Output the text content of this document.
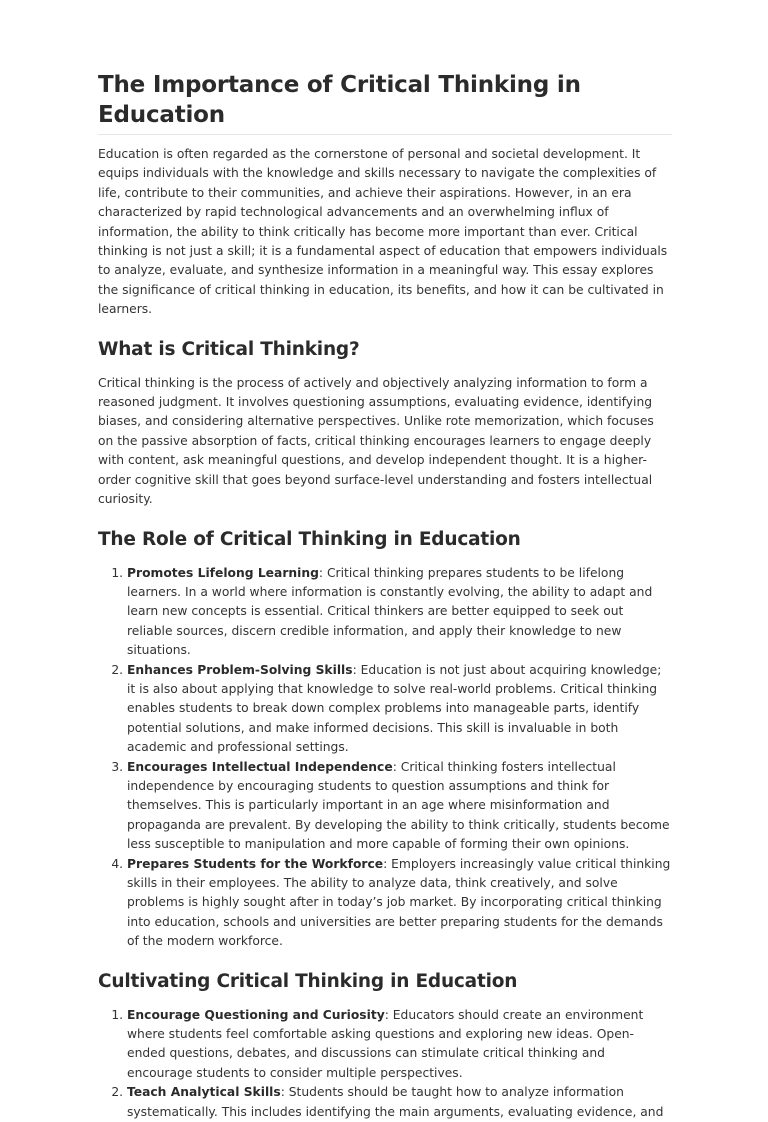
The Importance of Critical Thinking in Education

Education is often regarded as the cornerstone of personal and societal development. It equips individuals with the knowledge and skills necessary to navigate the complexities of life, contribute to their communities, and achieve their aspirations. However, in an era characterized by rapid technological advancements and an overwhelming influx of information, the ability to think critically has become more important than ever. Critical thinking is not just a skill; it is a fundamental aspect of education that empowers individuals to analyze, evaluate, and synthesize information in a meaningful way. This essay explores the significance of critical thinking in education, its benefits, and how it can be cultivated in learners.

What is Critical Thinking?

Critical thinking is the process of actively and objectively analyzing information to form a reasoned judgment. It involves questioning assumptions, evaluating evidence, identifying biases, and considering alternative perspectives. Unlike rote memorization, which focuses on the passive absorption of facts, critical thinking encourages learners to engage deeply with content, ask meaningful questions, and develop independent thought. It is a higher-order cognitive skill that goes beyond surface-level understanding and fosters intellectual curiosity.

The Role of Critical Thinking in Education
1. Promotes Lifelong Learning: Critical thinking prepares students to be lifelong learners. In a world where information is constantly evolving, the ability to adapt and learn new concepts is essential. Critical thinkers are better equipped to seek out reliable sources, discern credible information, and apply their knowledge to new situations.
2. Enhances Problem-Solving Skills: Education is not just about acquiring knowledge; it is also about applying that knowledge to solve real-world problems. Critical thinking enables students to break down complex problems into manageable parts, identify potential solutions, and make informed decisions. This skill is invaluable in both academic and professional settings.
3. Encourages Intellectual Independence: Critical thinking fosters intellectual independence by encouraging students to question assumptions and think for themselves. This is particularly important in an age where misinformation and propaganda are prevalent. By developing the ability to think critically, students become less susceptible to manipulation and more capable of forming their own opinions.
4. Prepares Students for the Workforce: Employers increasingly value critical thinking skills in their employees. The ability to analyze data, think creatively, and solve problems is highly sought after in today’s job market. By incorporating critical thinking into education, schools and universities are better preparing students for the demands of the modern workforce.
Cultivating Critical Thinking in Education
1. Encourage Questioning and Curiosity: Educators should create an environment where students feel comfortable asking questions and exploring new ideas. Open-ended questions, debates, and discussions can stimulate critical thinking and encourage students to consider multiple perspectives.
2. Teach Analytical Skills: Students should be taught how to analyze information systematically. This includes identifying the main arguments, evaluating evidence, and
